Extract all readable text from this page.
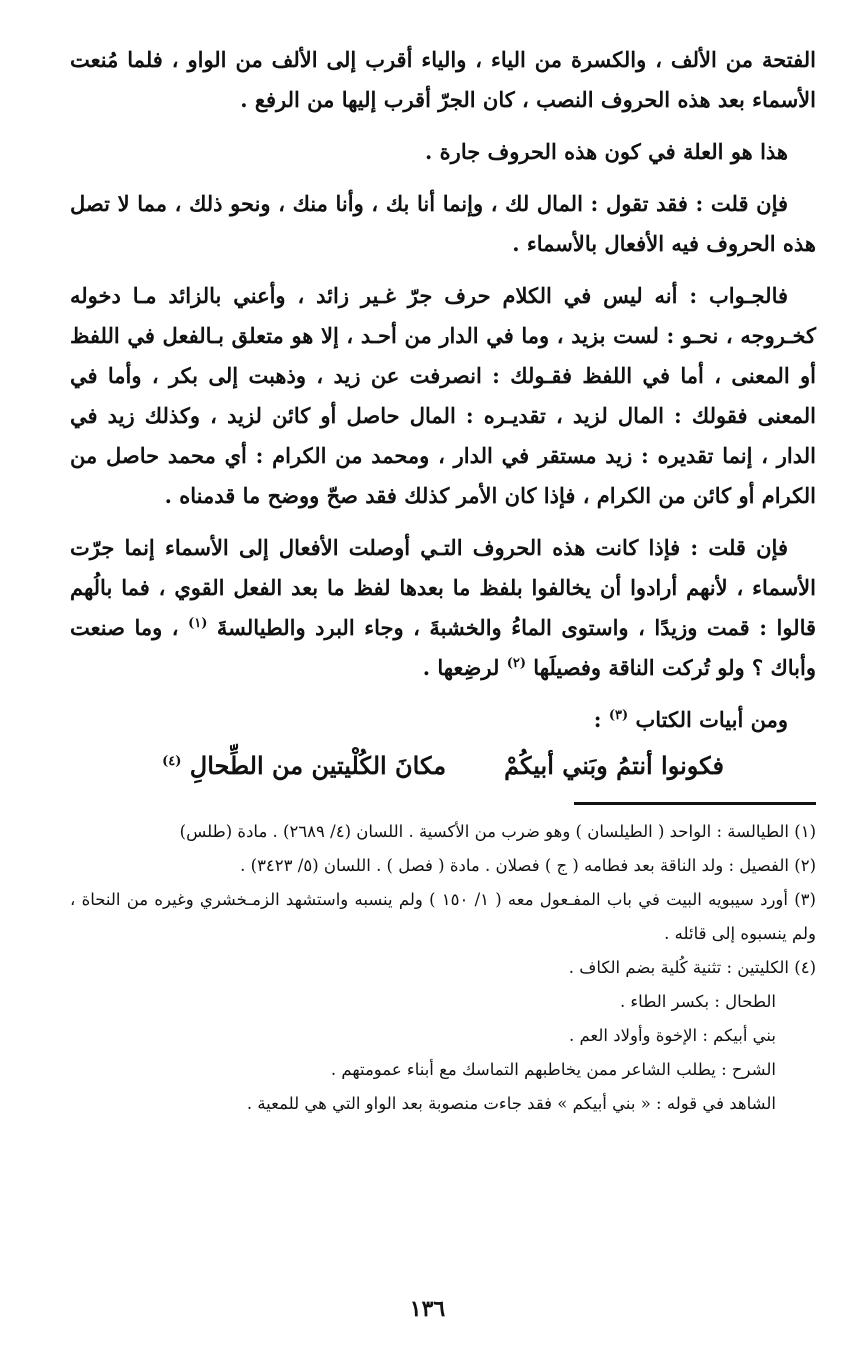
الفتحة من الألف ، والكسرة من الياء ، والياء أقرب إلى الألف من الواو ، فلما مُنعت الأسماء بعد هذه الحروف النصب ، كان الجرّ أقرب إليها من الرفع .

هذا هو العلة في كون هذه الحروف جارة .

فإن قلت : فقد تقول : المال لك ، وإنما أنا بك ، وأنا منك ، ونحو ذلك ، مما لا تصل هذه الحروف فيه الأفعال بالأسماء .

فالجـواب : أنه ليس في الكلام حرف جرّ غـير زائد ، وأعني بالزائد مـا دخوله كخـروجه ، نحـو : لست بزيد ، وما في الدار من أحـد ، إلا هو متعلق بـالفعل في اللفظ أو المعنى ، أما في اللفظ فقـولك : انصرفت عن زيد ، وذهبت إلى بكر ، وأما في المعنى فقولك : المال لزيد ، تقديـره : المال حاصل أو كائن لزيد ، وكذلك زيد في الدار ، إنما تقديره : زيد مستقر في الدار ، ومحمد من الكرام : أي محمد حاصل من الكرام أو كائن من الكرام ، فإذا كان الأمر كذلك فقد صحّ ووضح ما قدمناه .

فإن قلت : فإذا كانت هذه الحروف التـي أوصلت الأفعال إلى الأسماء إنما جرّت الأسماء ، لأنهم أرادوا أن يخالفوا بلفظ ما بعدها لفظ ما بعد الفعل القوي ، فما بالُهم قالوا : قمت وزيدًا ، واستوى الماءُ والخشبةَ ، وجاء البرد والطيالسةَ $^{(١)}$ ، وما صنعت وأباك ؟ ولو تُركت الناقة وفصيلَها $^{(٢)}$ لرضِعها .

ومن أبيات الكتاب $^{(٣)}$ :

فكونوا أنتمُ وبَني أبيكُمْ
مكانَ الكُلْيتين من الطِّحالِ $^{(٤)}$

(١) الطيالسة : الواحد ( الطيلسان ) وهو ضرب من الأكسية . اللسان (٤/ ٢٦٨٩) . مادة (طلس)

(٢) الفصيل : ولد الناقة بعد فطامه ( ج ) فصلان . مادة ( فصل ) . اللسان (٥/ ٣٤٢٣) .

(٣) أورد سيبويه البيت في باب المفـعول معه ( ١/ ١٥٠ ) ولم ينسبه واستشهد الزمـخشري وغيره من النحاة ، ولم ينسبوه إلى قائله .

(٤) الكليتين : تثنية كُلية بضم الكاف .

الطحال : بكسر الطاء .

بني أبيكم : الإخوة وأولاد العم .

الشرح : يطلب الشاعر ممن يخاطبهم التماسك مع أبناء عمومتهم .

الشاهد في قوله : « بني أبيكم » فقد جاءت منصوبة بعد الواو التي هي للمعية .

١٣٦
